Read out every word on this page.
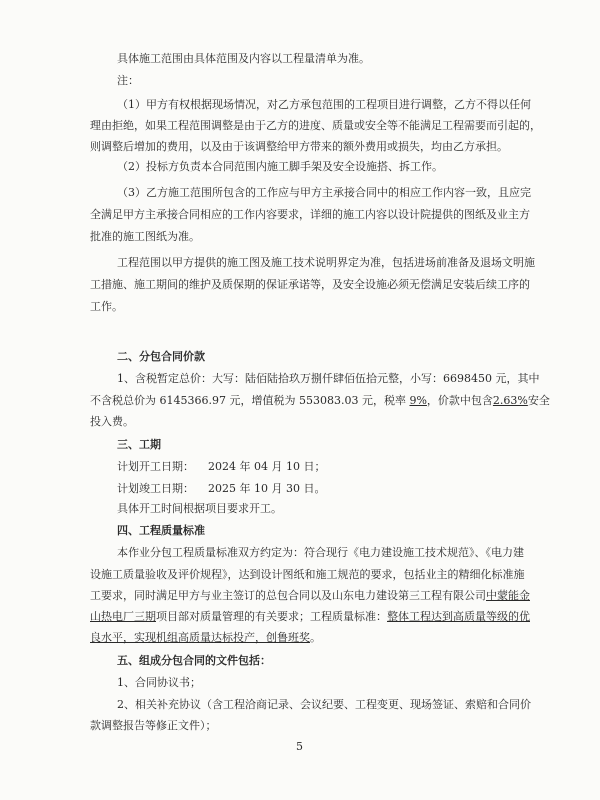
具体施工范围由具体范围及内容以工程量清单为准。
注：
（1）甲方有权根据现场情况，对乙方承包范围的工程项目进行调整，乙方不得以任何
理由拒绝，如果工程范围调整是由于乙方的进度、质量或安全等不能满足工程需要而引起的，
则调整后增加的费用，以及由于该调整给甲方带来的额外费用或损失，均由乙方承担。
（2）投标方负责本合同范围内施工脚手架及安全设施搭、拆工作。
（3）乙方施工范围所包含的工作应与甲方主承接合同中的相应工作内容一致，且应完
全满足甲方主承接合同相应的工作内容要求，详细的施工内容以设计院提供的图纸及业主方
批准的施工图纸为准。
工程范围以甲方提供的施工图及施工技术说明界定为准，包括进场前准备及退场文明施
工措施、施工期间的维护及质保期的保证承诺等，及安全设施必须无偿满足安装后续工序的
工作。
二、分包合同价款
1、含税暂定总价：大写：陆佰陆拾玖万捌仟肆佰伍拾元整，小写：6698450 元，其中
不含税总价为 6145366.97 元，增值税为 553083.03 元，税率 9%，价款中包含2.63%安全
投入费。
三、工期
计划开工日期： 2024 年 04 月 10 日；
计划竣工日期： 2025 年 10 月 30 日。
具体开工时间根据项目要求开工。
四、工程质量标准
本作业分包工程质量标准双方约定为：符合现行《电力建设施工技术规范》、《电力建
设施工质量验收及评价规程》，达到设计图纸和施工规范的要求，包括业主的精细化标准施
工要求，同时满足甲方与业主签订的总包合同以及山东电力建设第三工程有限公司中蒙能金
山热电厂三期项目部对质量管理的有关要求；工程质量标准：整体工程达到高质量等级的优
良水平，实现机组高质量达标投产，创鲁班奖。
五、组成分包合同的文件包括：
1、合同协议书；
2、相关补充协议（含工程洽商记录、会议纪要、工程变更、现场签证、索赔和合同价
款调整报告等修正文件）；
5
